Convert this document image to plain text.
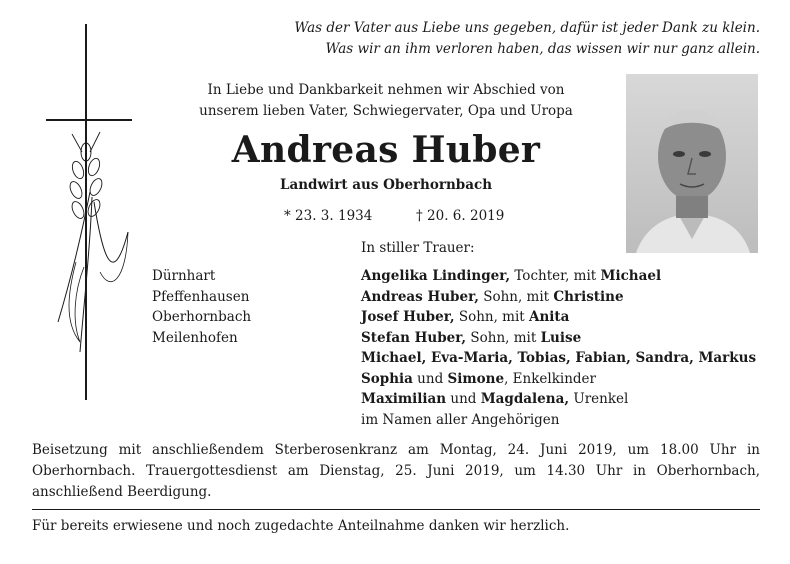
Was der Vater aus Liebe uns gegeben, dafür ist jeder Dank zu klein.
Was wir an ihm verloren haben, das wissen wir nur ganz allein.
In Liebe und Dankbarkeit nehmen wir Abschied von
unserem lieben Vater, Schwiegervater, Opa und Uropa
Andreas Huber
Landwirt aus Oberhornbach
* 23. 3. 1934	† 20. 6. 2019
In stiller Trauer:
Dürnhart
Pfeffenhausen
Oberhornbach
Meilenhofen
Angelika Lindinger, Tochter, mit Michael
Andreas Huber, Sohn, mit Christine
Josef Huber, Sohn, mit Anita
Stefan Huber, Sohn, mit Luise
Michael, Eva-Maria, Tobias, Fabian, Sandra, Markus
Sophia und Simone, Enkelkinder
Maximilian und Magdalena, Urenkel
im Namen aller Angehörigen
Beisetzung mit anschließendem Sterberosenkranz am Montag, 24. Juni 2019, um 18.00 Uhr in Oberhornbach. Trauergottesdienst am Dienstag, 25. Juni 2019, um 14.30 Uhr in Oberhornbach, anschließend Beerdigung.
Für bereits erwiesene und noch zugedachte Anteilnahme danken wir herzlich.
